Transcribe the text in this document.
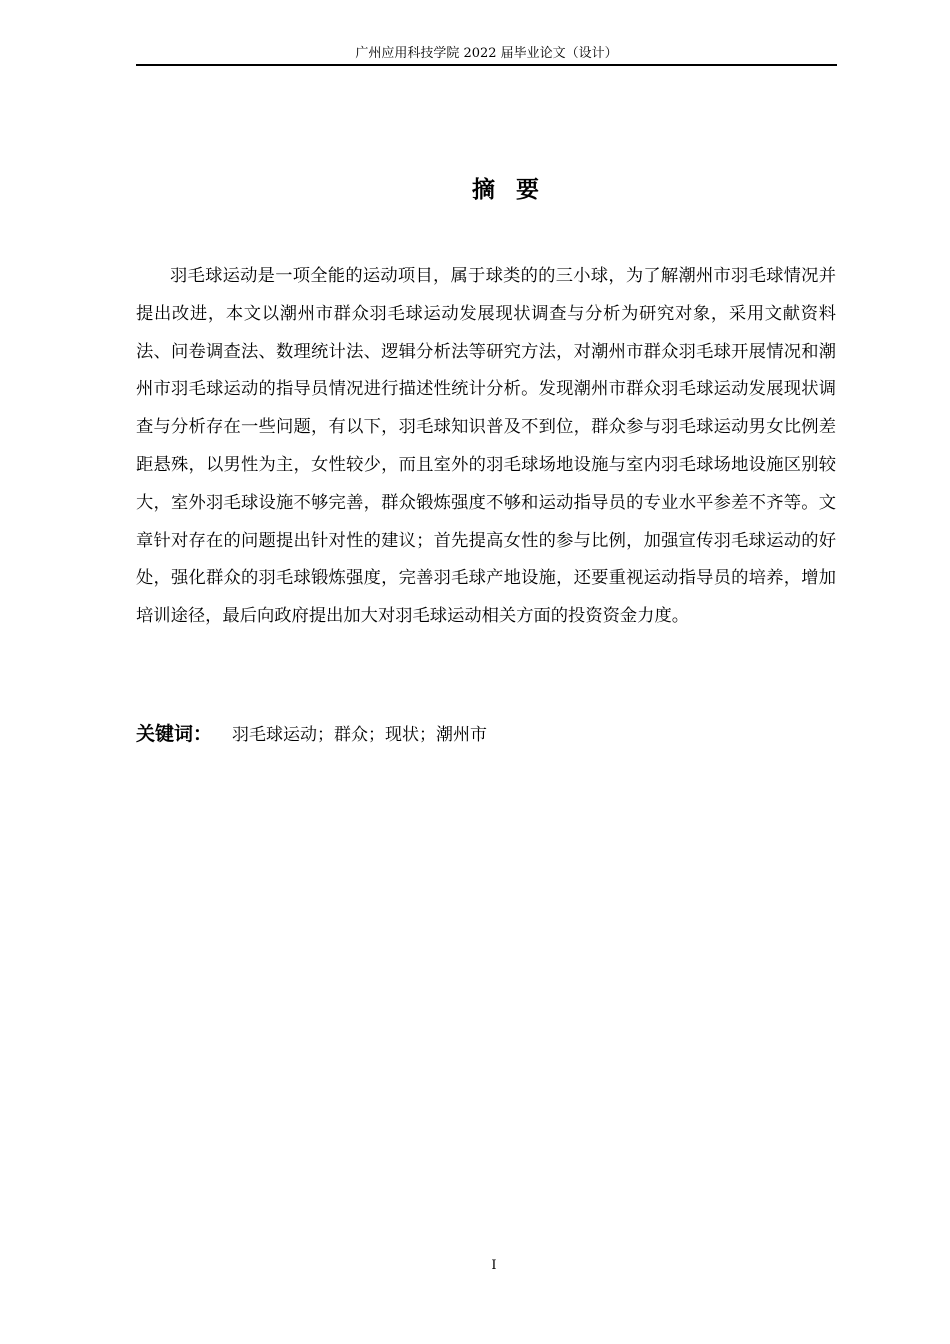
广州应用科技学院 2022 届毕业论文（设计）
摘要

羽毛球运动是一项全能的运动项目，属于球类的的三小球，为了解潮州市羽毛球情况并提出改进，本文以潮州市群众羽毛球运动发展现状调查与分析为研究对象，采用文献资料法、问卷调查法、数理统计法、逻辑分析法等研究方法，对潮州市群众羽毛球开展情况和潮州市羽毛球运动的指导员情况进行描述性统计分析。发现潮州市群众羽毛球运动发展现状调查与分析存在一些问题，有以下，羽毛球知识普及不到位，群众参与羽毛球运动男女比例差距悬殊，以男性为主，女性较少，而且室外的羽毛球场地设施与室内羽毛球场地设施区别较大，室外羽毛球设施不够完善，群众锻炼强度不够和运动指导员的专业水平参差不齐等。文章针对存在的问题提出针对性的建议；首先提高女性的参与比例，加强宣传羽毛球运动的好处，强化群众的羽毛球锻炼强度，完善羽毛球产地设施，还要重视运动指导员的培养，增加培训途径，最后向政府提出加大对羽毛球运动相关方面的投资资金力度。

关键词： 羽毛球运动；群众；现状；潮州市
I
